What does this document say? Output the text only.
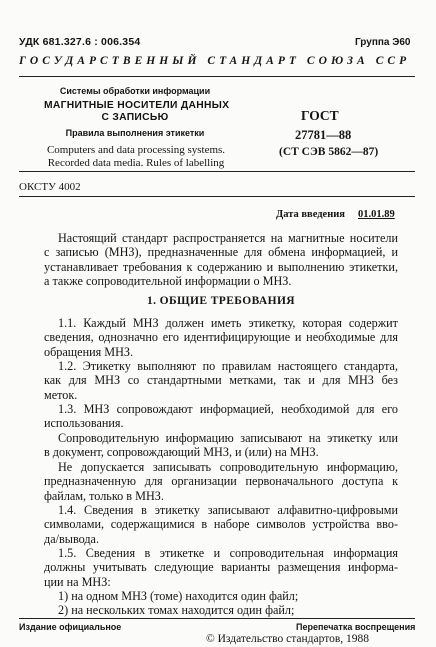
УДК 681.327.6 : 006.354	Группа Э60
ГОСУДАРСТВЕННЫЙ СТАНДАРТ СОЮЗА ССР
Системы обработки информации
МАГНИТНЫЕ НОСИТЕЛИ ДАННЫХ
С ЗАПИСЬЮ
Правила выполнения этикетки
Computers and data processing systems.
Recorded data media. Rules of labelling
ГОСТ
27781—88
(СТ СЭВ 5862—87)
ОКСТУ 4002
Дата введения 01.01.89
Настоящий стандарт распространяется на магнитные носители
с записью (МНЗ), предназначенные для обмена информацией, и
устанавливает требования к содержанию и выполнению этикетки,
а также сопроводительной информации о МНЗ.
1. ОБЩИЕ ТРЕБОВАНИЯ
1.1. Каждый МНЗ должен иметь этикетку, которая содержит
сведения, однозначно его идентифицирующие и необходимые для
обращения МНЗ.
1.2. Этикетку выполняют по правилам настоящего стандарта,
как для МНЗ со стандартными метками, так и для МНЗ без
меток.
1.3. МНЗ сопровождают информацией, необходимой для его
использования.
Сопроводительную информацию записывают на этикетку или
в документ, сопровождающий МНЗ, и (или) на МНЗ.
Не допускается записывать сопроводительную информацию,
предназначенную для организации первоначального доступа к
файлам, только в МНЗ.
1.4. Сведения в этикетку записывают алфавитно-цифровыми
символами, содержащимися в наборе символов устройства вво-
да/вывода.
1.5. Сведения в этикетке и сопроводительная информация
должны учитывать следующие варианты размещения информа-
ции на МНЗ:
1) на одном МНЗ (томе) находится один файл;
2) на нескольких томах находится один файл;
Издание официальное	Перепечатка воспрещения
© Издательство стандартов, 1988
